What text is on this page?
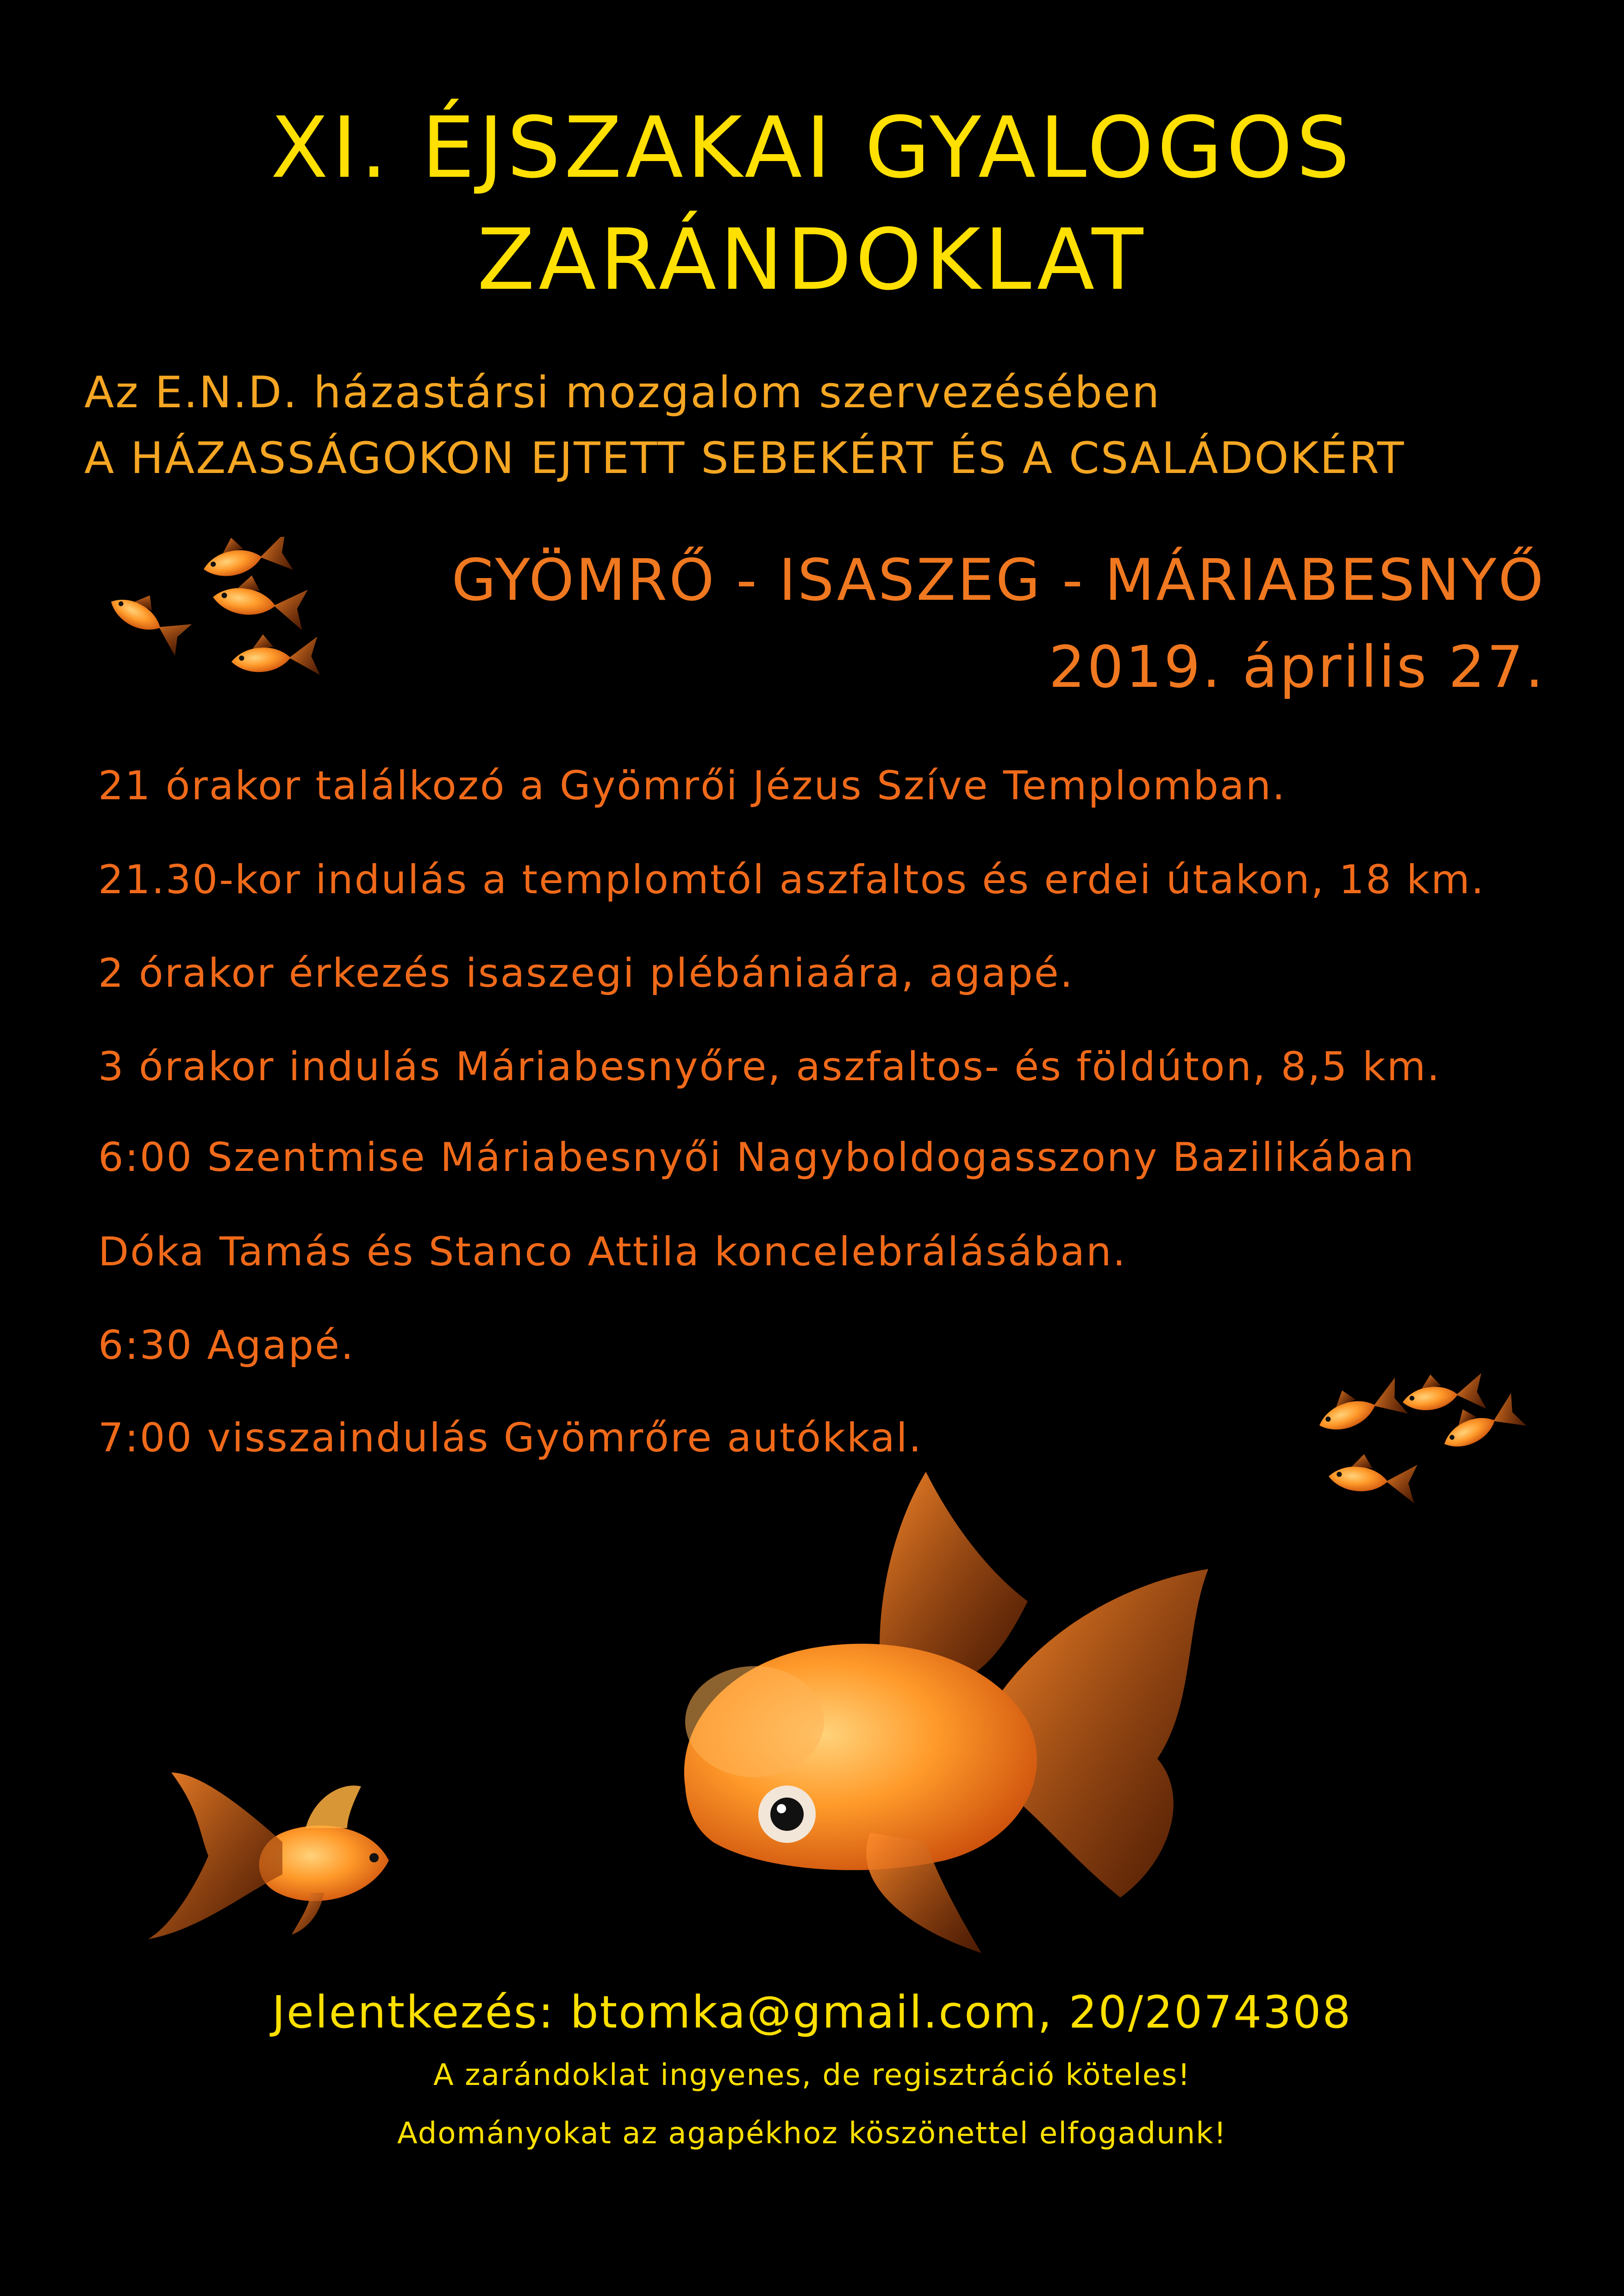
XI. ÉJSZAKAI GYALOGOS
ZARÁNDOKLAT
Az E.N.D. házastársi mozgalom szervezésében
A HÁZASSÁGOKON EJTETT SEBEKÉRT ÉS A CSALÁDOKÉRT
GYÖMRŐ - ISASZEG - MÁRIABESNYŐ
2019. április 27.
21 órakor találkozó a Gyömrői Jézus Szíve Templomban.
21.30-kor indulás a templomtól aszfaltos és erdei útakon, 18 km.
2 órakor érkezés isaszegi plébániaára, agapé.
3 órakor indulás Máriabesnyőre, aszfaltos- és földúton, 8,5 km.
6:00 Szentmise Máriabesnyői Nagyboldogasszony Bazilikában
Dóka Tamás és Stanco Attila koncelebrálásában.
6:30 Agapé.
7:00 visszaindulás Gyömrőre autókkal.
Jelentkezés: btomka@gmail.com, 20/2074308
A zarándoklat ingyenes, de regisztráció köteles!
Adományokat az agapékhoz köszönettel elfogadunk!
